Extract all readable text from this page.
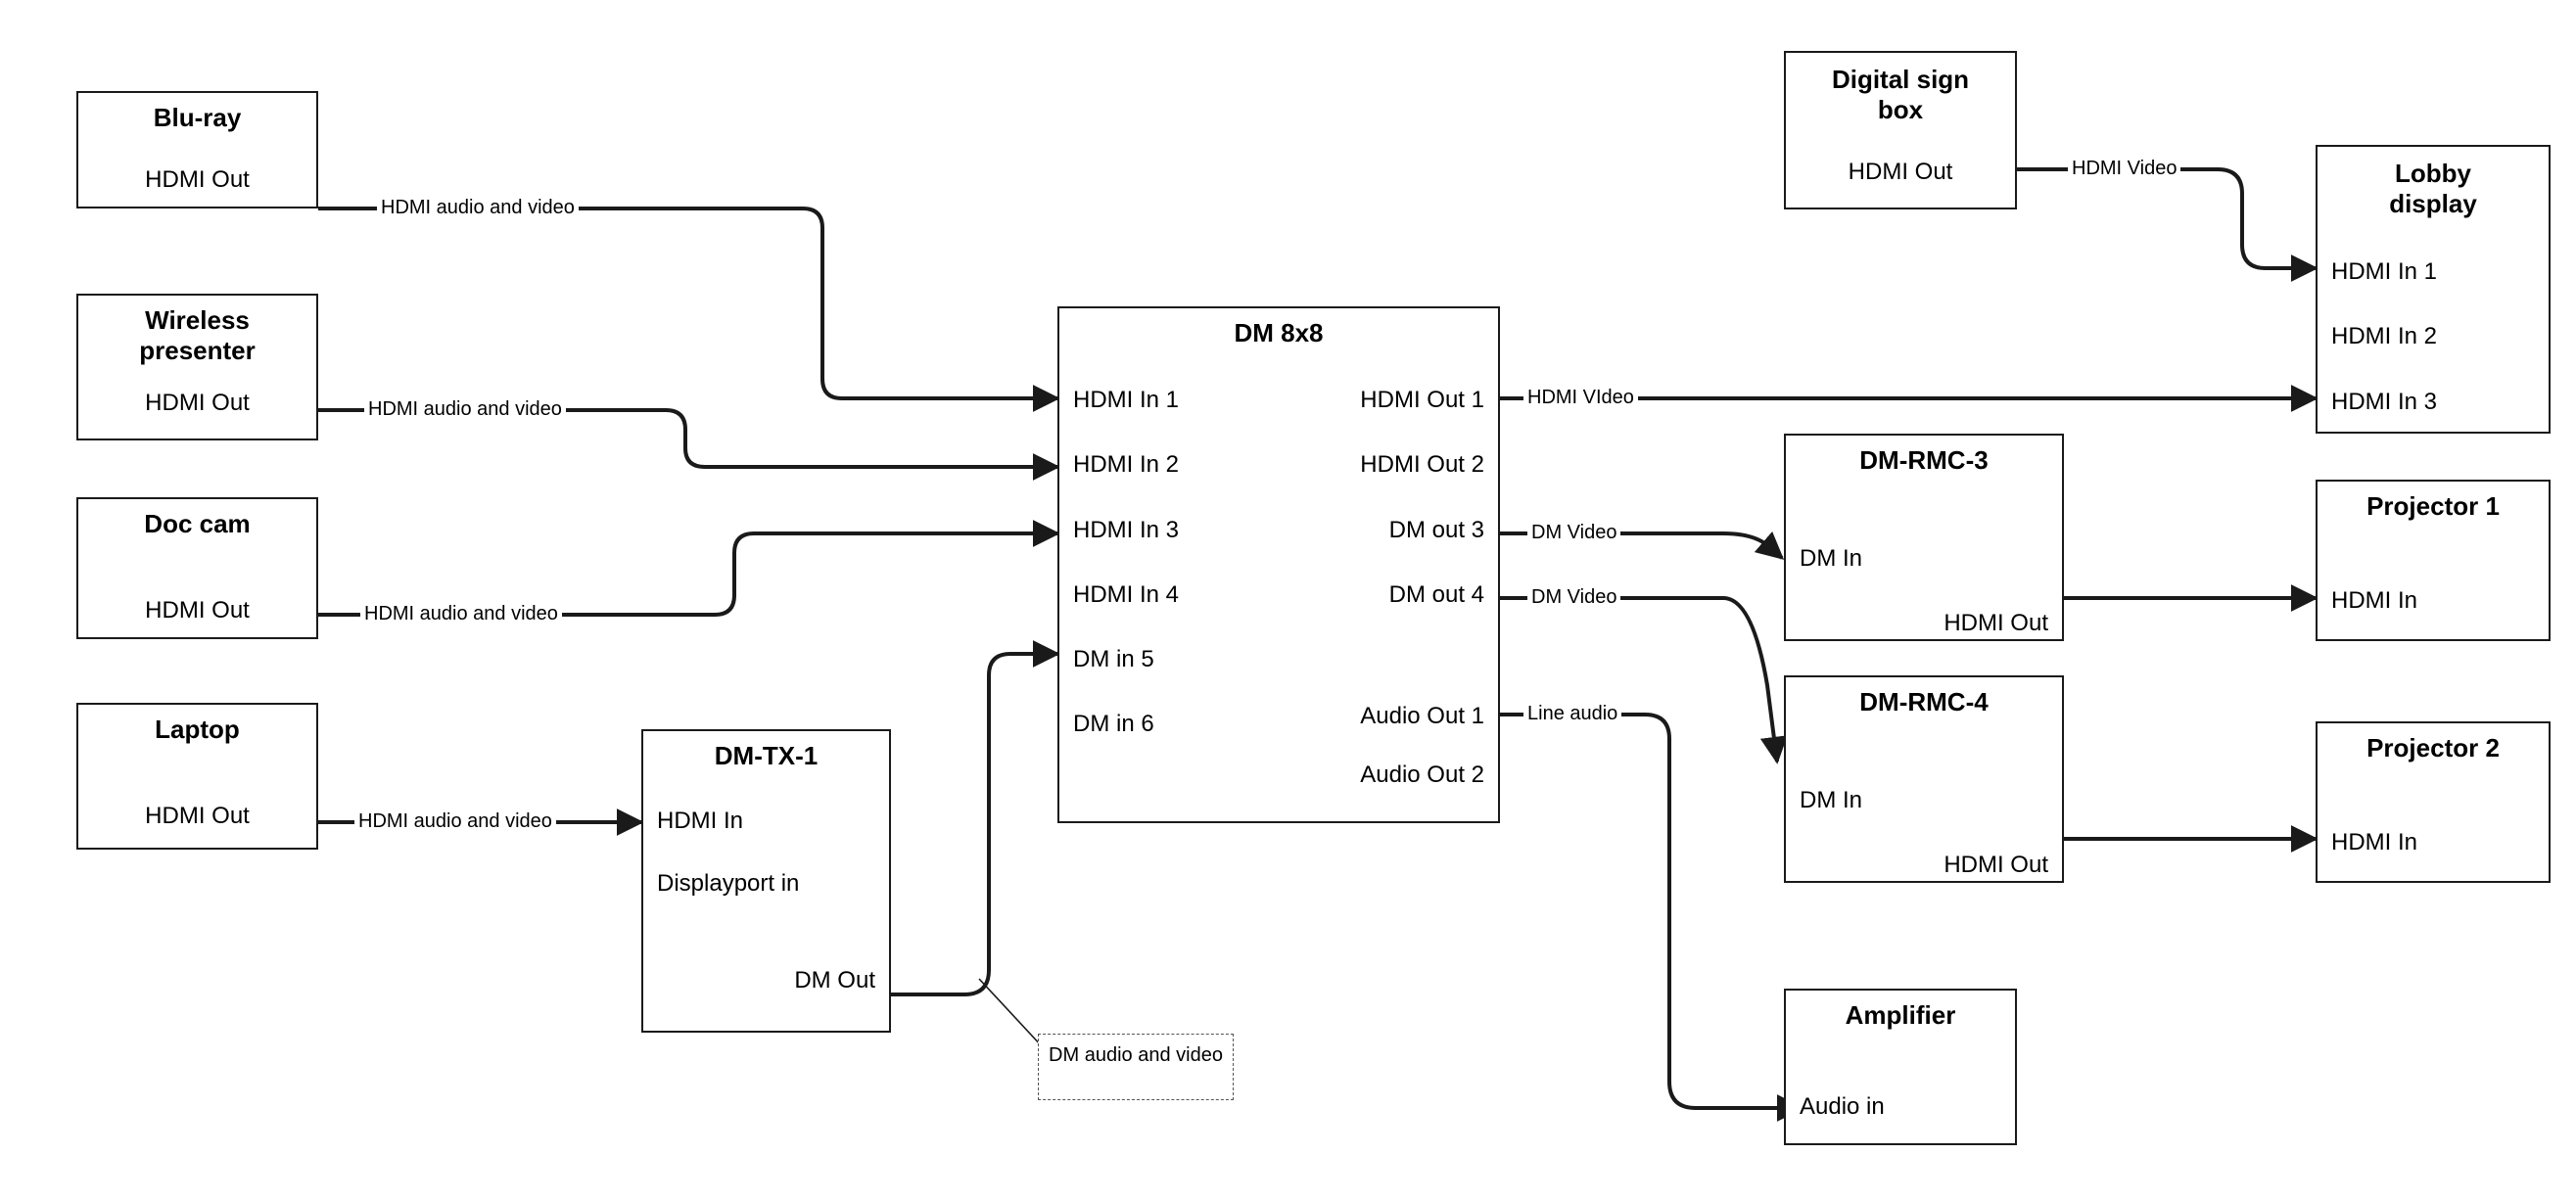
Blu-ray
HDMI Out
Wireless presenter
HDMI Out
Doc cam
HDMI Out
Laptop
HDMI Out
DM-TX-1
HDMI In
Displayport in
DM Out
DM 8x8
HDMI In 1
HDMI In 2
HDMI In 3
HDMI In 4
DM in 5
DM in 6
HDMI Out 1
HDMI Out 2
DM out 3
DM out 4
Audio Out 1
Audio Out 2
Digital sign box
HDMI Out	Lobby display
HDMI In 1
HDMI In 2
HDMI In 3
DM-RMC-3
DM In
HDMI Out
DM-RMC-4
DM In
HDMI Out
Projector 1
HDMI In
Projector 2
HDMI In
Amplifier
Audio in
DM audio and video
HDMI audio and video
HDMI audio and video
HDMI audio and video
HDMI audio and video
HDMI Video
HDMI VIdeo
DM Video
DM Video
Line audio
